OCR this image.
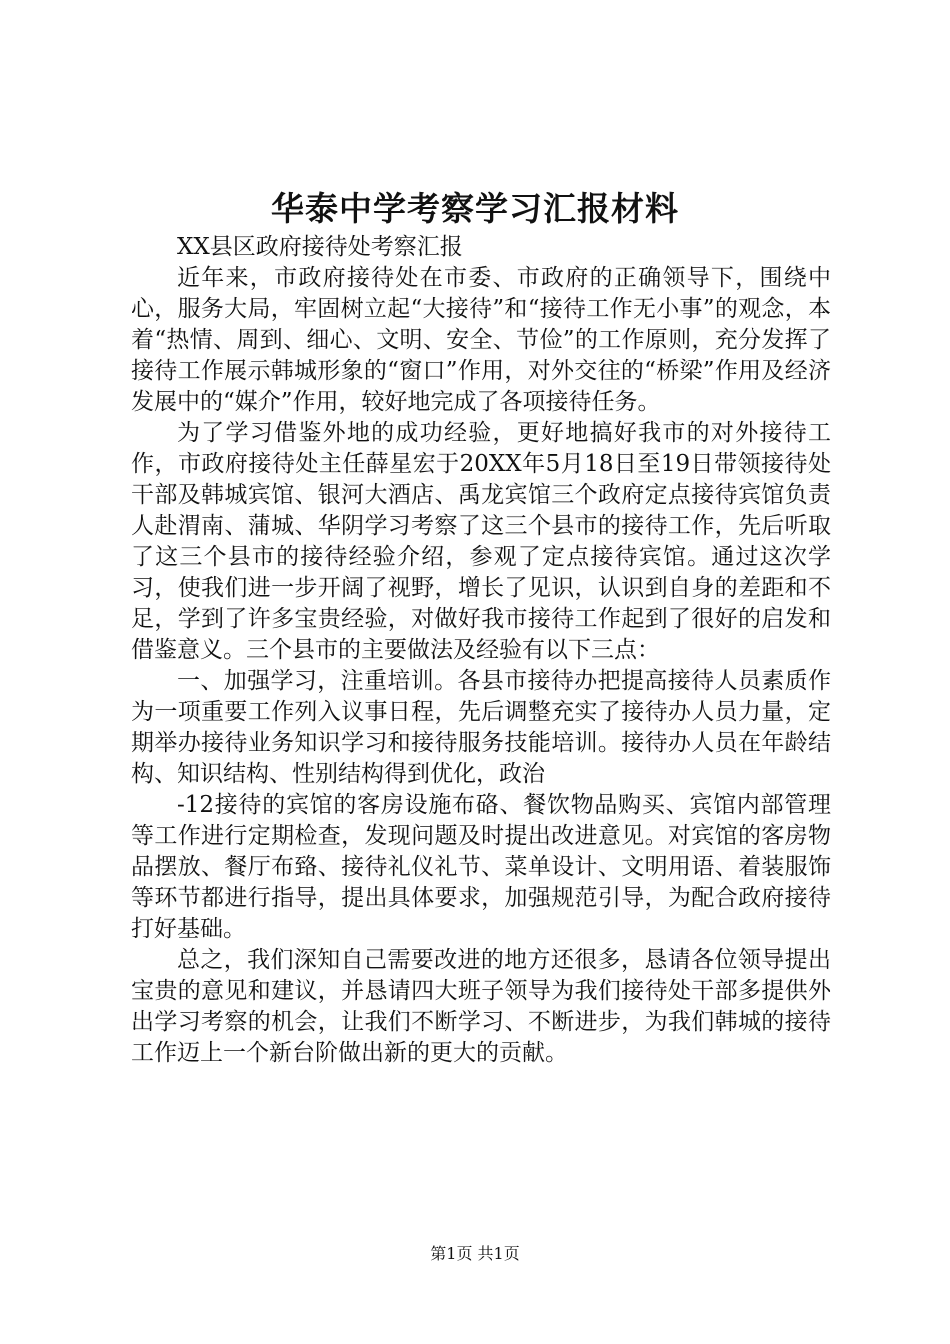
华泰中学考察学习汇报材料

XX县区政府接待处考察汇报

近年来，市政府接待处在市委、市政府的正确领导下，围绕中心，服务大局，牢固树立起“大接待”和“接待工作无小事”的观念，本着“热情、周到、细心、文明、安全、节俭”的工作原则，充分发挥了接待工作展示韩城形象的“窗口”作用，对外交往的“桥梁”作用及经济发展中的“媒介”作用，较好地完成了各项接待任务。

为了学习借鉴外地的成功经验，更好地搞好我市的对外接待工作，市政府接待处主任薛星宏于20XX年5月18日至19日带领接待处干部及韩城宾馆、银河大酒店、禹龙宾馆三个政府定点接待宾馆负责人赴渭南、蒲城、华阴学习考察了这三个县市的接待工作，先后听取了这三个县市的接待经验介绍，参观了定点接待宾馆。通过这次学习，使我们进一步开阔了视野，增长了见识，认识到自身的差距和不足，学到了许多宝贵经验，对做好我市接待工作起到了很好的启发和借鉴意义。三个县市的主要做法及经验有以下三点：

一、加强学习，注重培训。各县市接待办把提高接待人员素质作为一项重要工作列入议事日程，先后调整充实了接待办人员力量，定期举办接待业务知识学习和接待服务技能培训。接待办人员在年龄结构、知识结构、性别结构得到优化，政治

-12接待的宾馆的客房设施布硌、餐饮物品购买、宾馆内部管理等工作进行定期检查，发现问题及时提出改进意见。对宾馆的客房物品摆放、餐厅布臵、接待礼仪礼节、菜单设计、文明用语、着装服饰等环节都进行指导，提出具体要求，加强规范引导，为配合政府接待打好基础。

总之，我们深知自己需要改进的地方还很多，恳请各位领导提出宝贵的意见和建议，并恳请四大班子领导为我们接待处干部多提供外出学习考察的机会，让我们不断学习、不断进步，为我们韩城的接待工作迈上一个新台阶做出新的更大的贡献。

第1页 共1页
